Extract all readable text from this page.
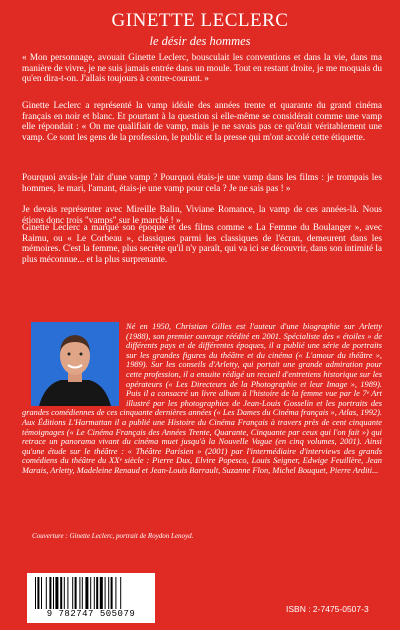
GINETTE LECLERC
le désir des hommes

« Mon personnage, avouait Ginette Leclerc, bousculait les conventions et dans la vie, dans ma manière de vivre, je ne suis jamais entrée dans un moule. Tout en restant droite, je me moquais du qu'en dira-t-on. J'allais toujours à contre-courant. »

Ginette Leclerc a représenté la vamp idéale des années trente et quarante du grand cinéma français en noir et blanc. Et pourtant à la question si elle-même se considérait comme une vamp elle répondait : « On me qualifiait de vamp, mais je ne savais pas ce qu'était véritablement une vamp. Ce sont les gens de la profession, le public et la presse qui m'ont accolé cette étiquette.

Pourquoi avais-je l'air d'une vamp ? Pourquoi étais-je une vamp dans les films : je trompais les hommes, le mari, l'amant, étais-je une vamp pour cela ? Je ne sais pas ! »

Je devais représenter avec Mireille Balin, Viviane Romance, la vamp de ces années-là. Nous étions donc trois "vamps" sur le marché ! »

Ginette Leclerc a marqué son époque et des films comme « La Femme du Boulanger », avec Raimu, ou « Le Corbeau », classiques parmi les classiques de l'écran, demeurent dans les mémoires. C'est la femme, plus secrète qu'il n'y paraît, qui va ici se découvrir, dans son intimité la plus méconnue... et la plus surprenante.

Né en 1950, Christian Gilles est l'auteur d'une biographie sur Arletty (1988), son premier ouvrage réédité en 2001. Spécialiste des « étoiles » de différents pays et de différentes époques, il a publié une série de portraits sur les grandes figures du théâtre et du cinéma (« L'amour du théâtre », 1989). Sur les conseils d'Arletty, qui portait une grande admiration pour cette profession, il a ensuite rédigé un recueil d'entretiens historique sur les opérateurs (« Les Directeurs de la Photographie et leur Image », 1989). Puis il a consacré un livre album à l'histoire de la femme vue par le 7ᵉ Art illustré par les photographies de Jean-Louis Gosselin et les portraits des grandes comédiennes de ces cinquante dernières années (« Les Dames du Cinéma français », Atlas, 1992). Aux Éditions L'Harmattan il a publié une Histoire du Cinéma Français à travers près de cent cinquante témoignages (« Le Cinéma Français des Années Trente, Quarante, Cinquante par ceux qui l'on fait ») qui retrace un panorama vivant du cinéma muet jusqu'à la Nouvelle Vague (en cinq volumes, 2001). Ainsi qu'une étude sur le théâtre : « Théâtre Parisien » (2001) par l'intermédiaire d'interviews des grands comédiens du théâtre du XXᵉ siècle : Pierre Dux, Elvire Popesco, Louis Seigner, Edwige Feuillère, Jean Marais, Arletty, Madeleine Renaud et Jean-Louis Barrault, Suzanne Flon, Michel Bouquet, Pierre Arditi...

Couverture : Ginette Leclerc, portrait de Roydon Lenoyd.
9 782747 505079	ISBN : 2-7475-0507-3
